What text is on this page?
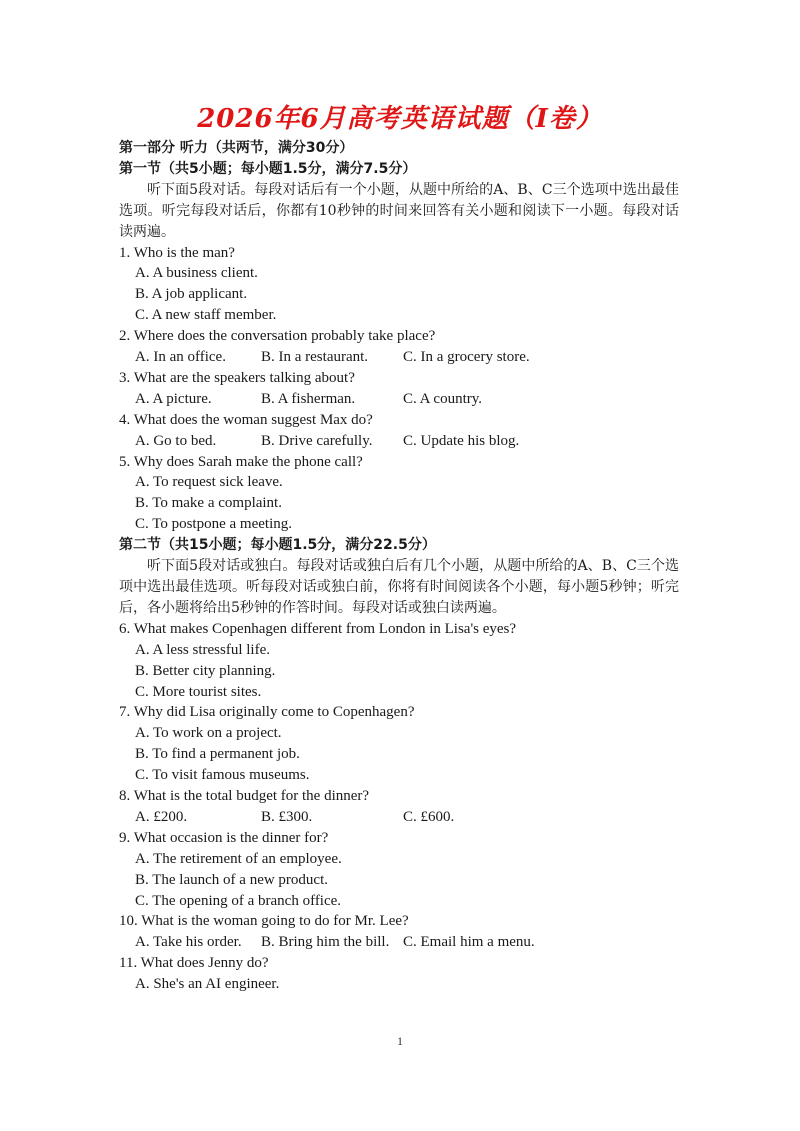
2026年6月高考英语试题（I卷）
第一部分 听力（共两节，满分30分）
第一节（共5小题；每小题1.5分，满分7.5分）
听下面5段对话。每段对话后有一个小题，从题中所给的A、B、C三个选项中选出最佳选项。听完每段对话后，你都有10秒钟的时间来回答有关小题和阅读下一小题。每段对话读两遍。
1. Who is the man?
A. A business client.
B. A job applicant.
C. A new staff member.
2. Where does the conversation probably take place?
A. In an office. B. In a restaurant. C. In a grocery store.
3. What are the speakers talking about?
A. A picture.	B. A fisherman.	C. A country.
4. What does the woman suggest Max do?
A. Go to bed.	B. Drive carefully. C. Update his blog.
5. Why does Sarah make the phone call?
A. To request sick leave.
B. To make a complaint.
C. To postpone a meeting.
第二节（共15小题；每小题1.5分，满分22.5分）
听下面5段对话或独白。每段对话或独白后有几个小题，从题中所给的A、B、C三个选项中选出最佳选项。听每段对话或独白前，你将有时间阅读各个小题，每小题5秒钟；听完后，各小题将给出5秒钟的作答时间。每段对话或独白读两遍。
6. What makes Copenhagen different from London in Lisa's eyes?
A. A less stressful life.
B. Better city planning.
C. More tourist sites.
7. Why did Lisa originally come to Copenhagen?
A. To work on a project.
B. To find a permanent job.
C. To visit famous museums.
8. What is the total budget for the dinner?
A. £200.	B. £300.	C. £600.
9. What occasion is the dinner for?
A. The retirement of an employee.
B. The launch of a new product.
C. The opening of a branch office.
10. What is the woman going to do for Mr. Lee?
A. Take his order. B. Bring him the bill. C. Email him a menu.
11. What does Jenny do?
A. She's an AI engineer.
1
